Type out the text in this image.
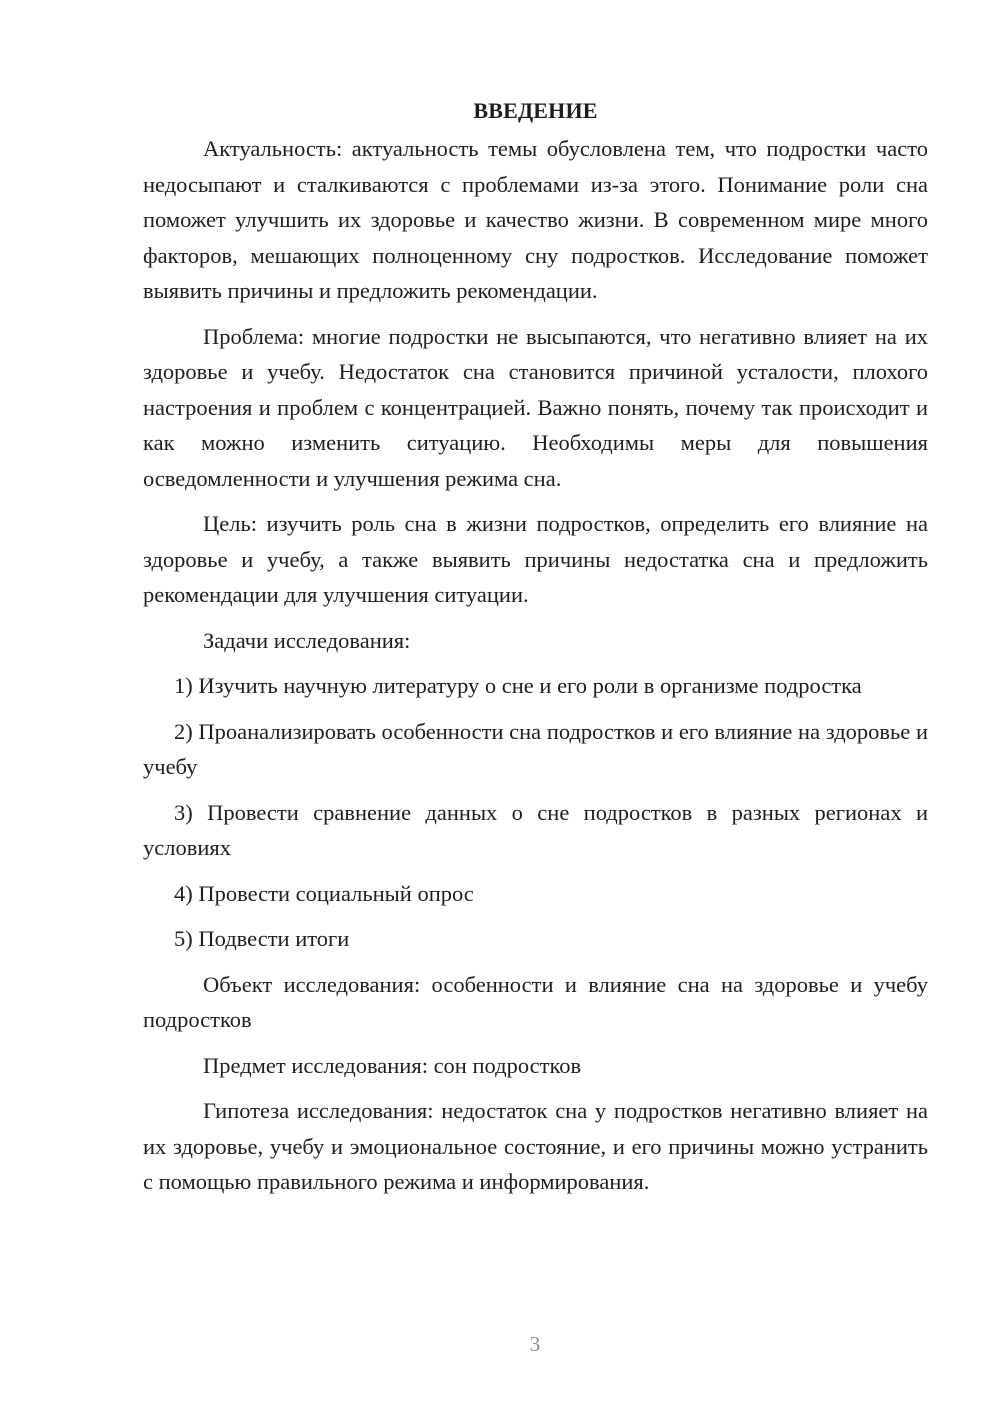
ВВЕДЕНИЕ

Актуальность: актуальность темы обусловлена тем, что подростки часто недосыпают и сталкиваются с проблемами из-за этого. Понимание роли сна поможет улучшить их здоровье и качество жизни. В современном мире много факторов, мешающих полноценному сну подростков. Исследование поможет выявить причины и предложить рекомендации.

Проблема: многие подростки не высыпаются, что негативно влияет на их здоровье и учебу. Недостаток сна становится причиной усталости, плохого настроения и проблем с концентрацией. Важно понять, почему так происходит и как можно изменить ситуацию. Необходимы меры для повышения осведомленности и улучшения режима сна.

Цель: изучить роль сна в жизни подростков, определить его влияние на здоровье и учебу, а также выявить причины недостатка сна и предложить рекомендации для улучшения ситуации.

Задачи исследования:

1) Изучить научную литературу о сне и его роли в организме подростка

2) Проанализировать особенности сна подростков и его влияние на здоровье и учебу

3) Провести сравнение данных о сне подростков в разных регионах и условиях

4) Провести социальный опрос

5) Подвести итоги

Объект исследования: особенности и влияние сна на здоровье и учебу подростков

Предмет исследования: сон подростков

Гипотеза исследования: недостаток сна у подростков негативно влияет на их здоровье, учебу и эмоциональное состояние, и его причины можно устранить с помощью правильного режима и информирования.

3
